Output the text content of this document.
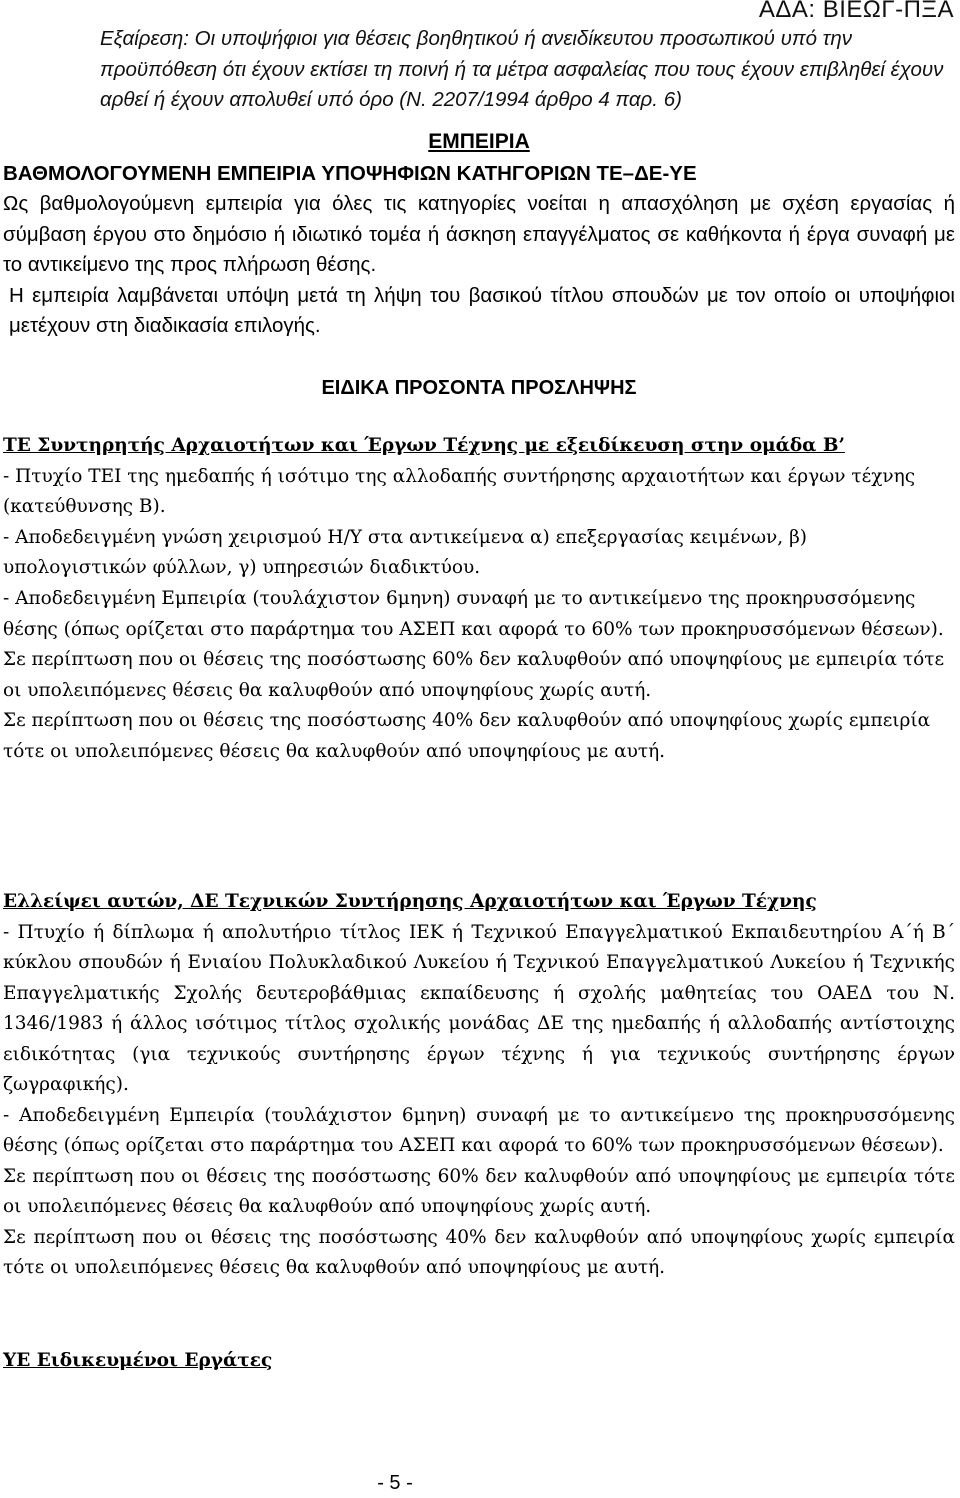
ΑΔΑ: ΒΙΕΩΓ-ΠΞΑ
Εξαίρεση: Οι υποψήφιοι για θέσεις βοηθητικού ή ανειδίκευτου προσωπικού υπό την προϋπόθεση ότι έχουν εκτίσει τη ποινή ή τα μέτρα ασφαλείας που τους έχουν επιβληθεί έχουν αρθεί ή έχουν απολυθεί υπό όρο (Ν. 2207/1994 άρθρο 4 παρ. 6)
ΕΜΠΕΙΡΙΑ
ΒΑΘΜΟΛΟΓΟΥΜΕΝΗ ΕΜΠΕΙΡΙΑ ΥΠΟΨΗΦΙΩΝ ΚΑΤΗΓΟΡΙΩΝ ΤΕ–ΔΕ-ΥΕ

Ως βαθμολογούμενη εμπειρία για όλες τις κατηγορίες νοείται η απασχόληση με σχέση εργασίας ή σύμβαση έργου στο δημόσιο ή ιδιωτικό τομέα ή άσκηση επαγγέλματος σε καθήκοντα ή έργα συναφή με το αντικείμενο της προς πλήρωση θέσης.

Η εμπειρία λαμβάνεται υπόψη μετά τη λήψη του βασικού τίτλου σπουδών με τον οποίο οι υποψήφιοι μετέχουν στη διαδικασία επιλογής.

ΕΙΔΙΚΑ ΠΡΟΣΟΝΤΑ ΠΡΟΣΛΗΨΗΣ

ΤΕ Συντηρητής Αρχαιοτήτων και Έργων Τέχνης με εξειδίκευση στην ομάδα Β’

- Πτυχίο ΤΕΙ της ημεδαπής ή ισότιμο της αλλοδαπής συντήρησης αρχαιοτήτων και έργων τέχνης (κατεύθυνσης Β).

- Αποδεδειγμένη γνώση χειρισμού Η/Υ στα αντικείμενα α) επεξεργασίας κειμένων, β) υπολογιστικών φύλλων, γ) υπηρεσιών διαδικτύου.

- Αποδεδειγμένη Εμπειρία (τουλάχιστον 6μηνη) συναφή με το αντικείμενο της προκηρυσσόμενης θέσης (όπως ορίζεται στο παράρτημα του ΑΣΕΠ και αφορά το 60% των προκηρυσσόμενων θέσεων).

Σε περίπτωση που οι θέσεις της ποσόστωσης 60% δεν καλυφθούν από υποψηφίους με εμπειρία τότε οι υπολειπόμενες θέσεις θα καλυφθούν από υποψηφίους χωρίς αυτή.

Σε περίπτωση που οι θέσεις της ποσόστωσης 40% δεν καλυφθούν από υποψηφίους χωρίς εμπειρία τότε οι υπολειπόμενες θέσεις θα καλυφθούν από υποψηφίους με αυτή.

Ελλείψει αυτών, ΔΕ Τεχνικών Συντήρησης Αρχαιοτήτων και Έργων Τέχνης

- Πτυχίο ή δίπλωμα ή απολυτήριο τίτλος ΙΕΚ ή Τεχνικού Επαγγελματικού Εκπαιδευτηρίου Α΄ή Β΄ κύκλου σπουδών ή Ενιαίου Πολυκλαδικού Λυκείου ή Τεχνικού Επαγγελματικού Λυκείου ή Τεχνικής Επαγγελματικής Σχολής δευτεροβάθμιας εκπαίδευσης ή σχολής μαθητείας του ΟΑΕΔ του Ν. 1346/1983 ή άλλος ισότιμος τίτλος σχολικής μονάδας ΔΕ της ημεδαπής ή αλλοδαπής αντίστοιχης ειδικότητας (για τεχνικούς συντήρησης έργων τέχνης ή για τεχνικούς συντήρησης έργων ζωγραφικής).

- Αποδεδειγμένη Εμπειρία (τουλάχιστον 6μηνη) συναφή με το αντικείμενο της προκηρυσσόμενης θέσης (όπως ορίζεται στο παράρτημα του ΑΣΕΠ και αφορά το 60% των προκηρυσσόμενων θέσεων).

Σε περίπτωση που οι θέσεις της ποσόστωσης 60% δεν καλυφθούν από υποψηφίους με εμπειρία τότε οι υπολειπόμενες θέσεις θα καλυφθούν από υποψηφίους χωρίς αυτή.

Σε περίπτωση που οι θέσεις της ποσόστωσης 40% δεν καλυφθούν από υποψηφίους χωρίς εμπειρία τότε οι υπολειπόμενες θέσεις θα καλυφθούν από υποψηφίους με αυτή.

ΥΕ Ειδικευμένοι Εργάτες

- 5 -
